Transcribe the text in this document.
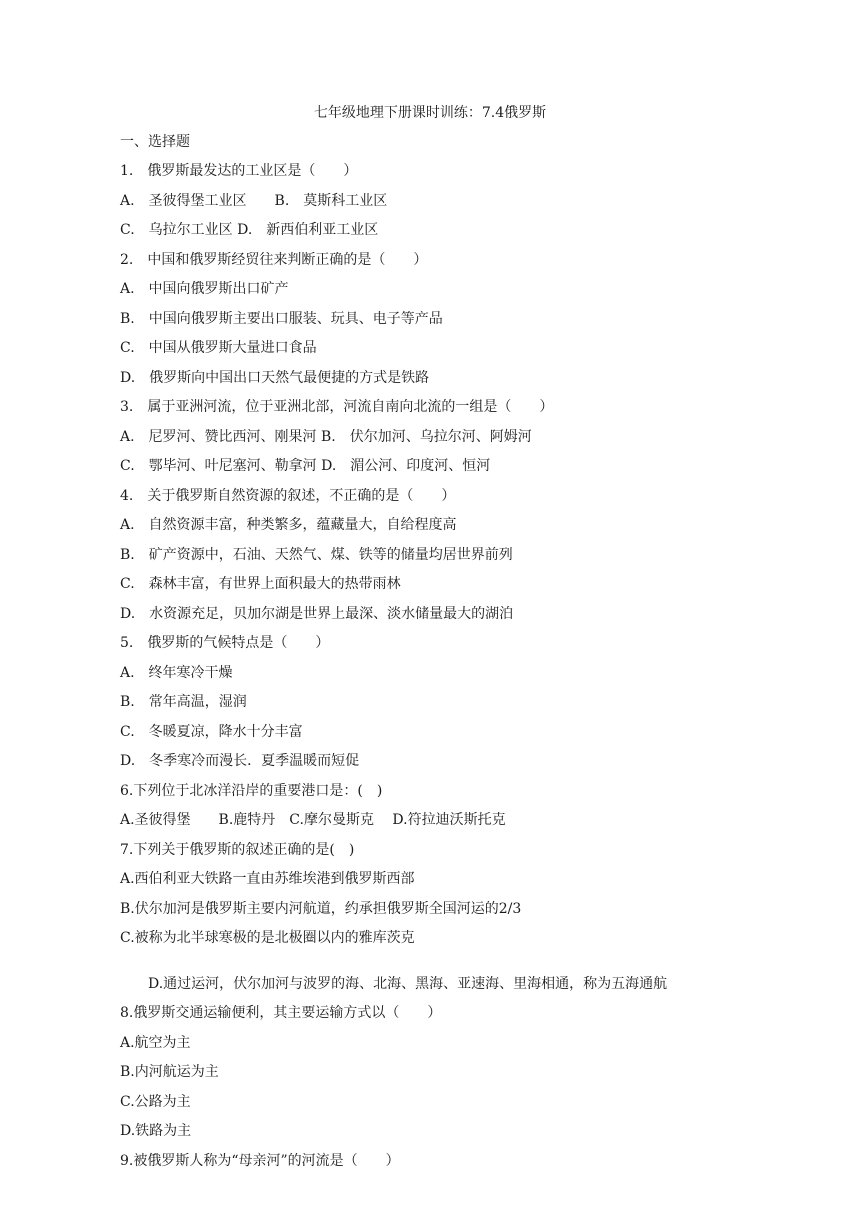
七年级地理下册课时训练：7.4俄罗斯
一、选择题
1.　俄罗斯最发达的工业区是（　　）
A.　圣彼得堡工业区　　B.　莫斯科工业区
C.　乌拉尔工业区 D.　新西伯利亚工业区
2.　中国和俄罗斯经贸往来判断正确的是（　　）
A.　中国向俄罗斯出口矿产
B.　中国向俄罗斯主要出口服装、玩具、电子等产品
C.　中国从俄罗斯大量进口食品
D.　俄罗斯向中国出口天然气最便捷的方式是铁路
3.　属于亚洲河流，位于亚洲北部，河流自南向北流的一组是（　　）
A.　尼罗河、赞比西河、刚果河 B.　伏尔加河、乌拉尔河、阿姆河
C.　鄂毕河、叶尼塞河、勒拿河 D.　湄公河、印度河、恒河
4.　关于俄罗斯自然资源的叙述，不正确的是（　　）
A.　自然资源丰富，种类繁多，蕴藏量大，自给程度高
B.　矿产资源中，石油、天然气、煤、铁等的储量均居世界前列
C.　森林丰富，有世界上面积最大的热带雨林
D.　水资源充足，贝加尔湖是世界上最深、淡水储量最大的湖泊
5.　俄罗斯的气候特点是（　　）
A.　终年寒冷干燥
B.　常年高温，湿润
C.　冬暖夏凉，降水十分丰富
D.　冬季寒冷而漫长．夏季温暖而短促
6.下列位于北冰洋沿岸的重要港口是：(　)
A.圣彼得堡　　B.鹿特丹　C.摩尔曼斯克　 D.符拉迪沃斯托克
7.下列关于俄罗斯的叙述正确的是(　)
A.西伯利亚大铁路一直由苏维埃港到俄罗斯西部
B.伏尔加河是俄罗斯主要内河航道，约承担俄罗斯全国河运的2/3
C.被称为北半球寒极的是北极圈以内的雅库茨克
D.通过运河，伏尔加河与波罗的海、北海、黑海、亚速海、里海相通，称为五海通航
8.俄罗斯交通运输便利，其主要运输方式以（　　）
A.航空为主
B.内河航运为主
C.公路为主
D.铁路为主
9.被俄罗斯人称为“母亲河”的河流是（　　）
